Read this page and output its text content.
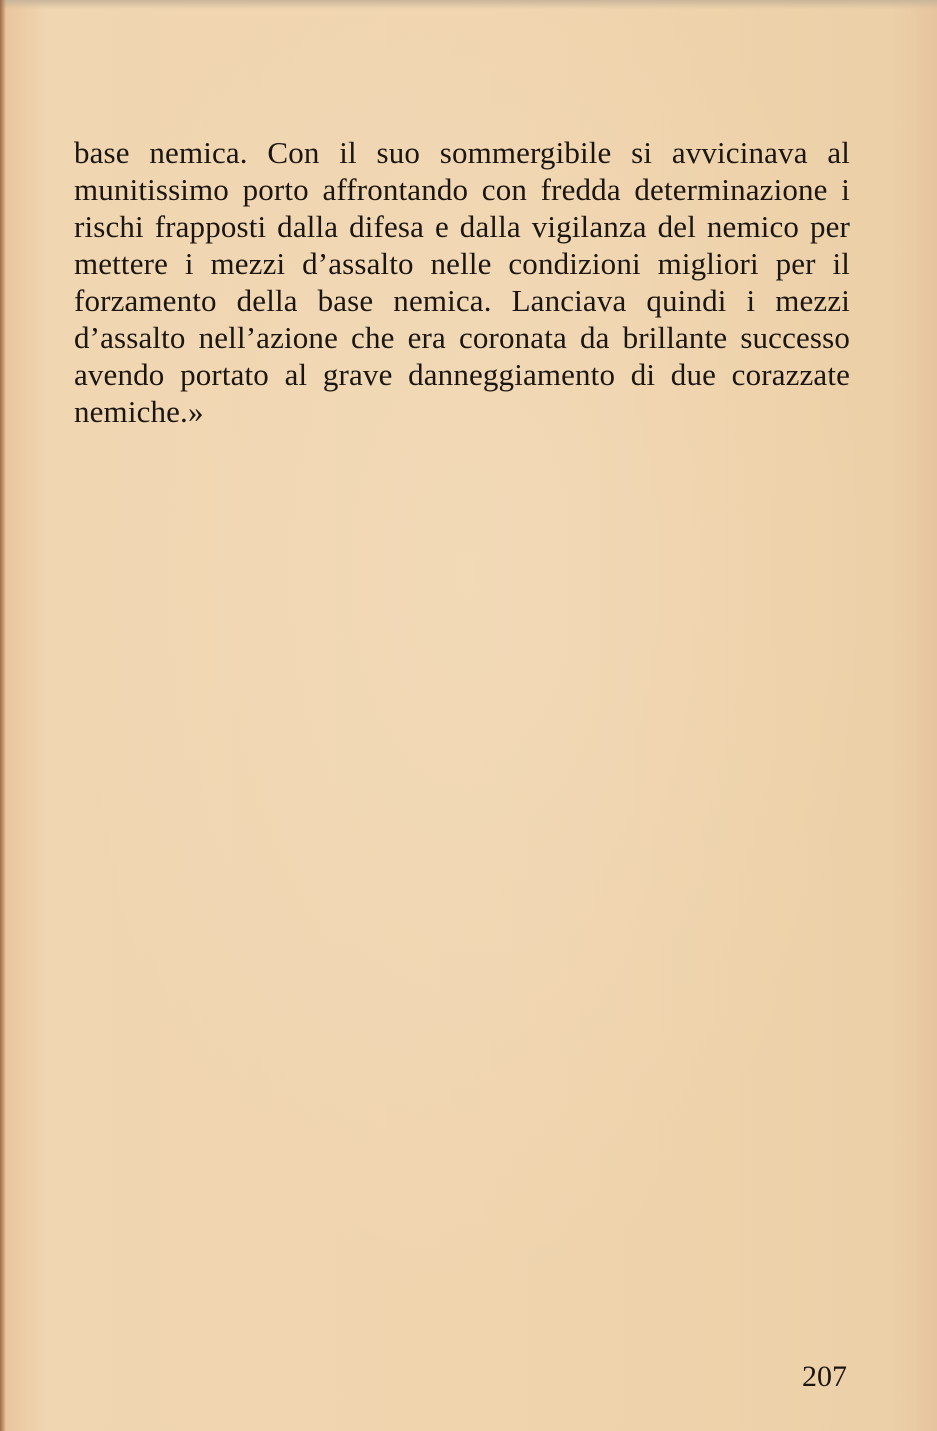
base nemica. Con il suo sommergibile si avvicinava al munitissimo porto affrontando con fredda determinazione i rischi frapposti dalla difesa e dalla vigilanza del nemico per mettere i mezzi d’assalto nelle condizioni migliori per il forzamento della base nemica. Lanciava quindi i mezzi d’assalto nell’azione che era coronata da brillante successo avendo portato al grave danneggiamento di due corazzate nemiche.»

207
